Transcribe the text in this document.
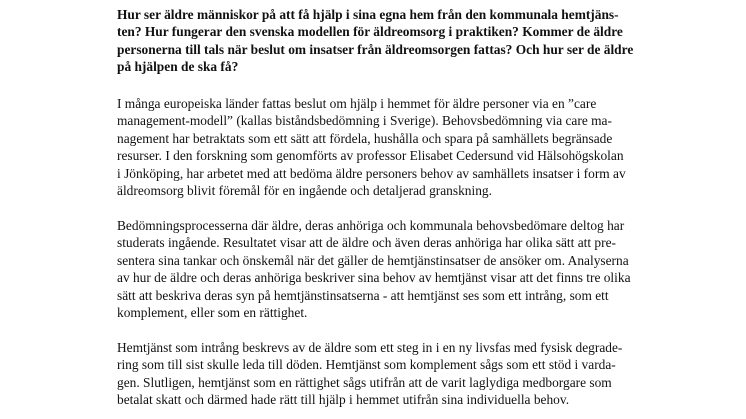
Hur ser äldre människor på att få hjälp i sina egna hem från den kommunala hemtjäns-
ten? Hur fungerar den svenska modellen för äldreomsorg i praktiken? Kommer de äldre
personerna till tals när beslut om insatser från äldreomsorgen fattas? Och hur ser de äldre
på hjälpen de ska få?
I många europeiska länder fattas beslut om hjälp i hemmet för äldre personer via en ”care
management-modell” (kallas biståndsbedömning i Sverige). Behovsbedömning via care ma-
nagement har betraktats som ett sätt att fördela, hushålla och spara på samhällets begränsade
resurser. I den forskning som genomförts av professor Elisabet Cedersund vid Hälsohögskolan
i Jönköping, har arbetet med att bedöma äldre personers behov av samhällets insatser i form av
äldreomsorg blivit föremål för en ingående och detaljerad granskning.
Bedömningsprocesserna där äldre, deras anhöriga och kommunala behovsbedömare deltog har
studerats ingående. Resultatet visar att de äldre och även deras anhöriga har olika sätt att pre-
sentera sina tankar och önskemål när det gäller de hemtjänstinsatser de ansöker om. Analyserna
av hur de äldre och deras anhöriga beskriver sina behov av hemtjänst visar att det finns tre olika
sätt att beskriva deras syn på hemtjänstinsatserna - att hemtjänst ses som ett intrång, som ett
komplement, eller som en rättighet.
Hemtjänst som intrång beskrevs av de äldre som ett steg in i en ny livsfas med fysisk degrade-
ring som till sist skulle leda till döden. Hemtjänst som komplement sågs som ett stöd i varda-
gen. Slutligen, hemtjänst som en rättighet sågs utifrån att de varit laglydiga medborgare som
betalat skatt och därmed hade rätt till hjälp i hemmet utifrån sina individuella behov.
